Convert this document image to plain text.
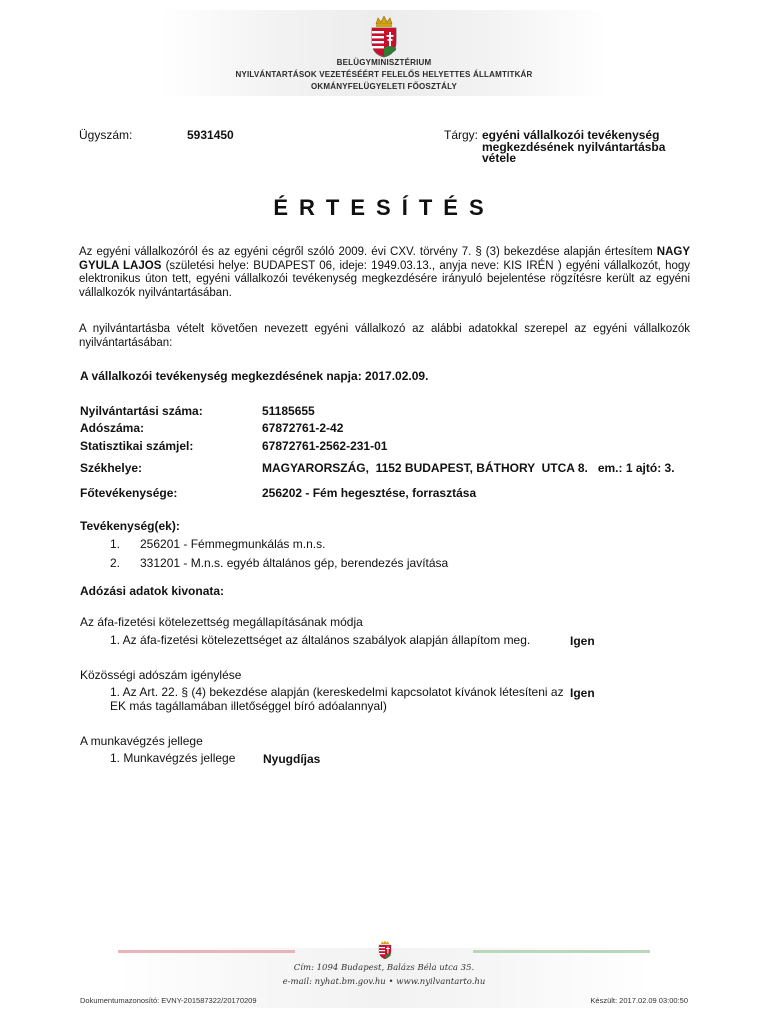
BELÜGYMINISZTÉRIUM
NYILVÁNTARTÁSOK VEZETÉSÉÉRT FELELŐS HELYETTES ÁLLAMTITKÁR
OKMÁNYFELÜGYELETI FŐOSZTÁLY
Ügyszám:	5931450	Tárgy: egyéni vállalkozói tevékenység
megkezdésének nyilvántartásba
vétele
ÉRTESÍTÉS
Az egyéni vállalkozóról és az egyéni cégről szóló 2009. évi CXV. törvény 7. § (3) bekezdése alapján értesítem NAGY GYULA LAJOS (születési helye: BUDAPEST 06, ideje: 1949.03.13., anyja neve: KIS IRÉN ) egyéni vállalkozót, hogy elektronikus úton tett, egyéni vállalkozói tevékenység megkezdésére irányuló bejelentése rögzítésre került az egyéni vállalkozók nyilvántartásában.
A nyilvántartásba vételt követően nevezett egyéni vállalkozó az alábbi adatokkal szerepel az egyéni vállalkozók nyilvántartásában:
A vállalkozói tevékenység megkezdésének napja: 2017.02.09.
Nyilvántartási száma:	51185655
Adószáma:	67872761-2-42
Statisztikai számjel:	67872761-2562-231-01
Székhelye:	MAGYARORSZÁG,  1152 BUDAPEST, BÁTHORY  UTCA 8.   em.: 1 ajtó: 3.
Főtevékenysége:	256202 - Fém hegesztése, forrasztása
Tevékenység(ek):
1. 256201 - Fémmegmunkálás m.n.s.
2. 331201 - M.n.s. egyéb általános gép, berendezés javítása
Adózási adatok kivonata:
Az áfa-fizetési kötelezettség megállapításának módja
1. Az áfa-fizetési kötelezettséget az általános szabályok alapján állapítom meg.	Igen
Közösségi adószám igénylése
1. Az Art. 22. § (4) bekezdése alapján (kereskedelmi kapcsolatot kívánok létesíteni az
EK más tagállamában illetőséggel bíró adóalannyal)
Igen
A munkavégzés jellege
1. Munkavégzés jellege Nyugdíjas
Cím: 1094 Budapest, Balázs Béla utca 35.
e-mail: nyhat.bm.gov.hu • www.nyilvantarto.hu
Dokumentumazonosító: EVNY-201587322/20170209	Készült: 2017.02.09 03:00:50
